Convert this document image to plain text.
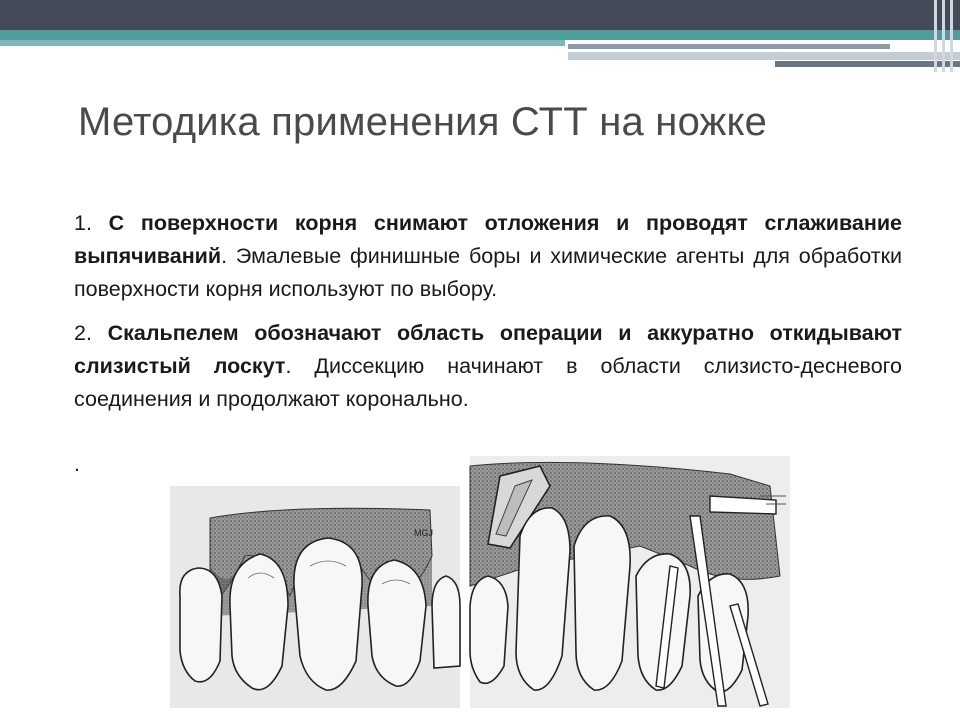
Методика применения СТТ на ножке

1. С поверхности корня снимают отложения и проводят сглаживание выпячиваний. Эмалевые финишные боры и химические агенты для обработки поверхности корня используют по выбору.

2. Скальпелем обозначают область операции и аккуратно откидывают слизистый лоскут. Диссекцию начинают в области слизисто-десневого соединения и продолжают коронально.

.
MGJ
